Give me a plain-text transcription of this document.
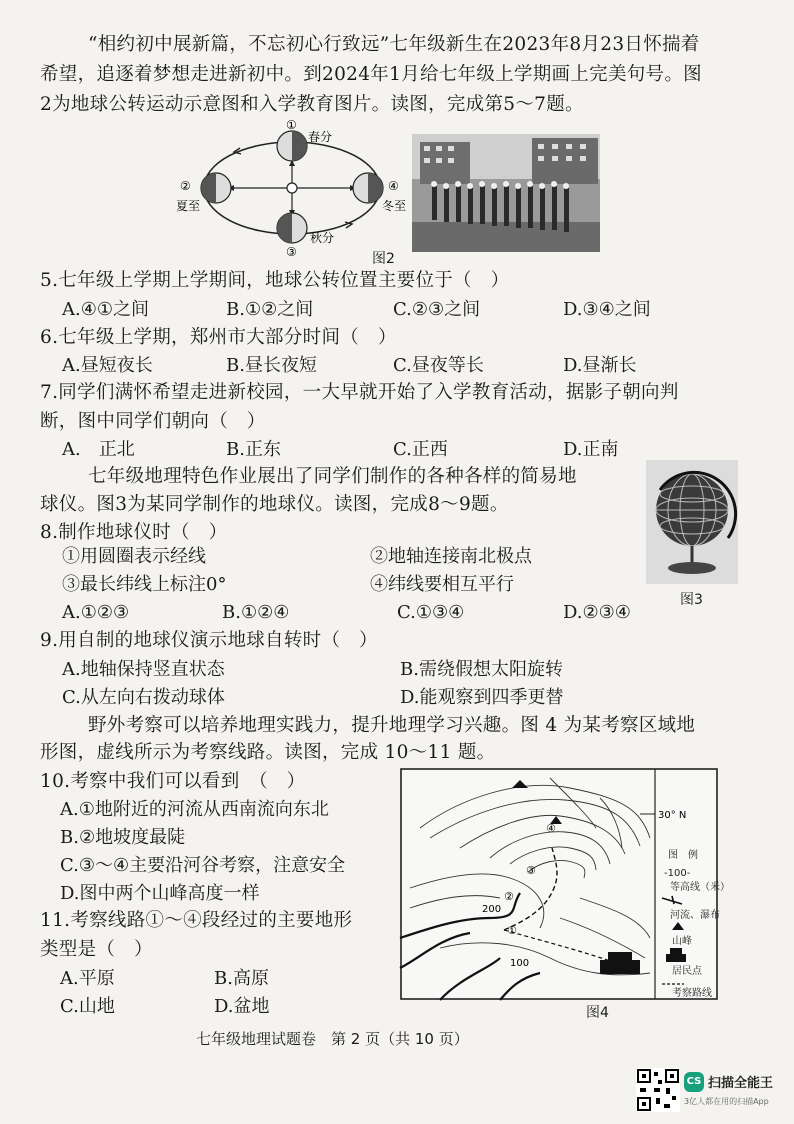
“相约初中展新篇，不忘初心行致远”七年级新生在2023年8月23日怀揣着
希望，追逐着梦想走进新初中。到2024年1月给七年级上学期画上完美句号。图
2为地球公转运动示意图和入学教育图片。读图，完成第5～7题。
①
春分
②
夏至
④
冬至
秋分
③	图2
5.七年级上学期上学期间，地球公转位置主要位于（　）
A.④①之间	B.①②之间	C.②③之间	D.③④之间
6.七年级上学期，郑州市大部分时间（　）
A.昼短夜长	B.昼长夜短	C.昼夜等长	D.昼渐长
7.同学们满怀希望走进新校园，一大早就开始了入学教育活动，据影子朝向判
断，图中同学们朝向（　）
A.　正北	B.正东	C.正西	D.正南
七年级地理特色作业展出了同学们制作的各种各样的简易地
球仪。图3为某同学制作的地球仪。读图，完成8～9题。
图3
8.制作地球仪时（　）
①用圆圈表示经线	②地轴连接南北极点
③最长纬线上标注0°	④纬线要相互平行
A.①②③	B.①②④	C.①③④	D.②③④
9.用自制的地球仪演示地球自转时（　）
A.地轴保持竖直状态	B.需绕假想太阳旋转
C.从左向右拨动球体	D.能观察到四季更替
野外考察可以培养地理实践力，提升地理学习兴趣。图 4 为某考察区域地
形图，虚线所示为考察线路。读图，完成 10～11 题。
10.考察中我们可以看到　（　）
A.①地附近的河流从西南流向东北
B.②地坡度最陡
C.③～④主要沿河谷考察，注意安全
D.图中两个山峰高度一样
11.考察线路①～④段经过的主要地形
类型是（　）
A.平原	B.高原
C.山地	D.盆地
①
②
③
④
200
100
30° N
图　例
-100-
等高线（米）
河流、瀑布
山峰
居民点
考察路线
图4
七年级地理试题卷　第 2 页（共 10 页）
CS 扫描全能王
3亿人都在用的扫描App
